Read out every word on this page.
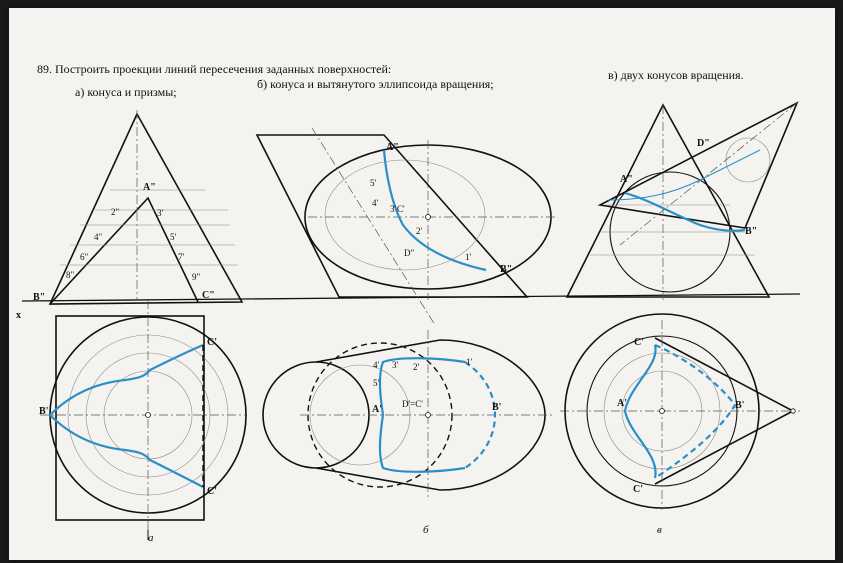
89. Построить проекции линий пересечения заданных поверхностей:
а) конуса и призмы;
б) конуса и вытянутого эллипсоида вращения;
в) двух конусов вращения.
x
A"
B"	C"
2"	3'
4"	5'
6"	7'
8"	9"
B'
C'
C'
A"
B"
1'
2'
3'
4'
5'
C'
D"
A'	B'
1'
2'
3'
4'
5'
D'=C'
A"
B"
D"
A'	B'
C'
C'
а
б	в
